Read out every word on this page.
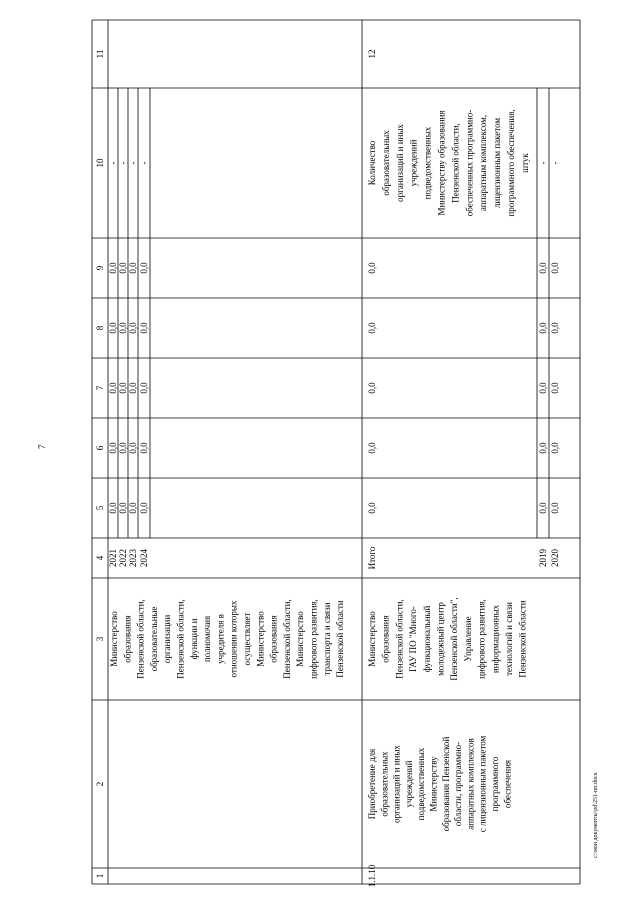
7
1
2
3
4
5
6
7
8
9
10
11
Министерство образования Пензенской области, образовательные организации Пензенской области, функции и полномочия учредителя в отношении которых осуществляет Министерство образования Пензенской области, Министерство цифрового развития, транспорта и связи Пензенской области
2021
0,0
0,0
0,0
0,0
0,0
-
2022
0,0
0,0
0,0
0,0
0,0
-
2023
0,0
0,0
0,0
0,0
0,0
-
2024
0,0
0,0
0,0
0,0
0,0
-
1.1.10
Приобретение для образовательных организаций и иных учреждений подведомственных Министерству образования Пензенской области, программно- аппаратных комплексов с лицензионным пакетом программного обеспечения
Министерство образования Пензенской области, ГАУ ПО "Много- функциональный молодежный центр Пензенской области", Управление цифрового развития, информационных технологий и связи Пензенской области
Итого
0,0
0,0
0,0
0,0
0,0
Количество образовательных организаций и иных учреждений подведомственных Министерству образования Пензенской области, обеспеченных программно- аппаратным комплексом, лицензионным пакетом программного обеспечения, штук
12
2019
0,0
0,0
0,0
0,0
0,0
-
2020
0,0
0,0
0,0
0,0
0,0
-
c:\мои документы\pd\251-пп.docx
